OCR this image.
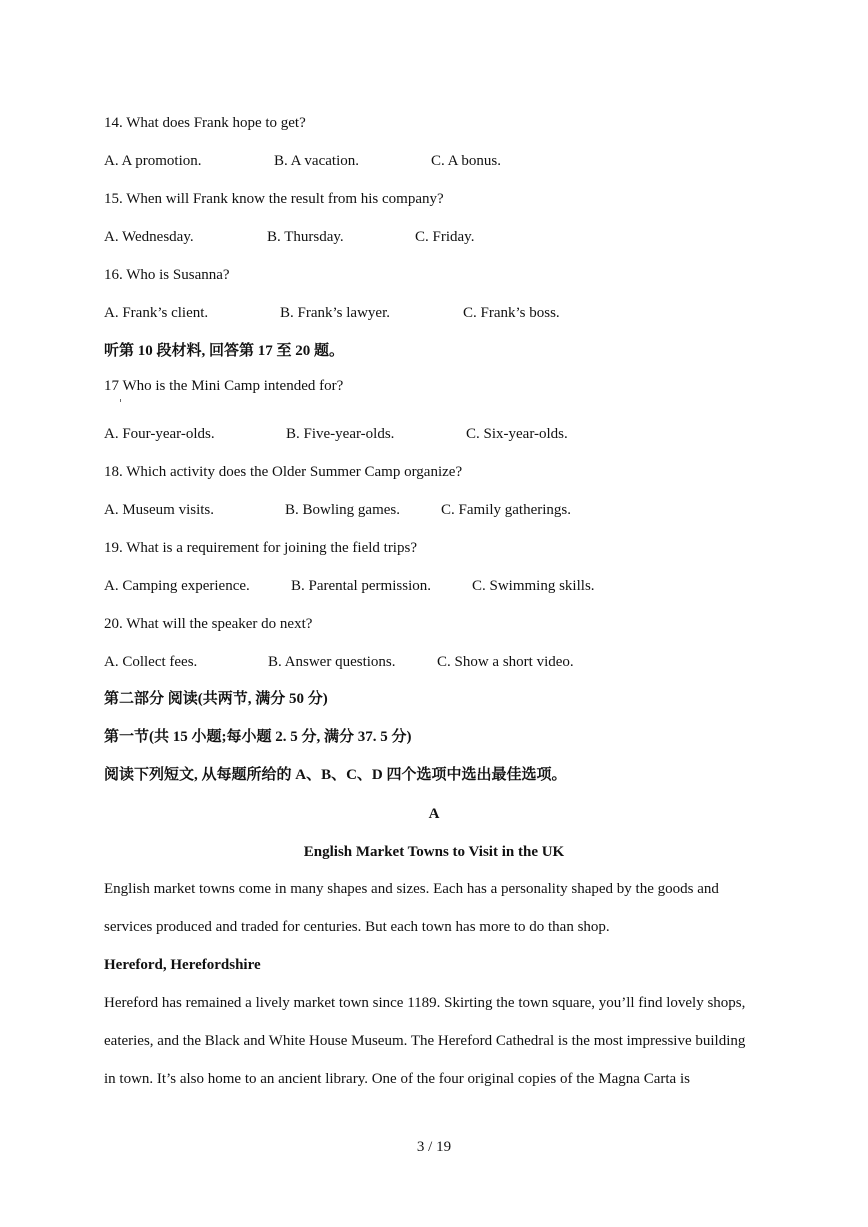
14. What does Frank hope to get?
A. A promotion.	B. A vacation.	C. A bonus.
15. When will Frank know the result from his company?
A. Wednesday.	B. Thursday.	C. Friday.
16. Who is Susanna?
A. Frank’s client.	B. Frank’s lawyer.	C. Frank’s boss.
听第 10 段材料, 回答第 17 至 20 题。
17 Who is the Mini Camp intended for?
A. Four-year-olds.	B. Five-year-olds.	C. Six-year-olds.
18. Which activity does the Older Summer Camp organize?
A. Museum visits.	B. Bowling games.	C. Family gatherings.
19. What is a requirement for joining the field trips?
A. Camping experience.	B. Parental permission.	C. Swimming skills.
20. What will the speaker do next?
A. Collect fees.	B. Answer questions.	C. Show a short video.
第二部分 阅读(共两节, 满分 50 分)
第一节(共 15 小题;每小题 2. 5 分, 满分 37. 5 分)
阅读下列短文, 从每题所给的 A、B、C、D 四个选项中选出最佳选项。
A
English Market Towns to Visit in the UK
English market towns come in many shapes and sizes. Each has a personality shaped by the goods and
services produced and traded for centuries. But each town has more to do than shop.
Hereford, Herefordshire
Hereford has remained a lively market town since 1189. Skirting the town square, you’ll find lovely shops,
eateries, and the Black and White House Museum. The Hereford Cathedral is the most impressive building
in town. It’s also home to an ancient library. One of the four original copies of the Magna Carta is
3 / 19
